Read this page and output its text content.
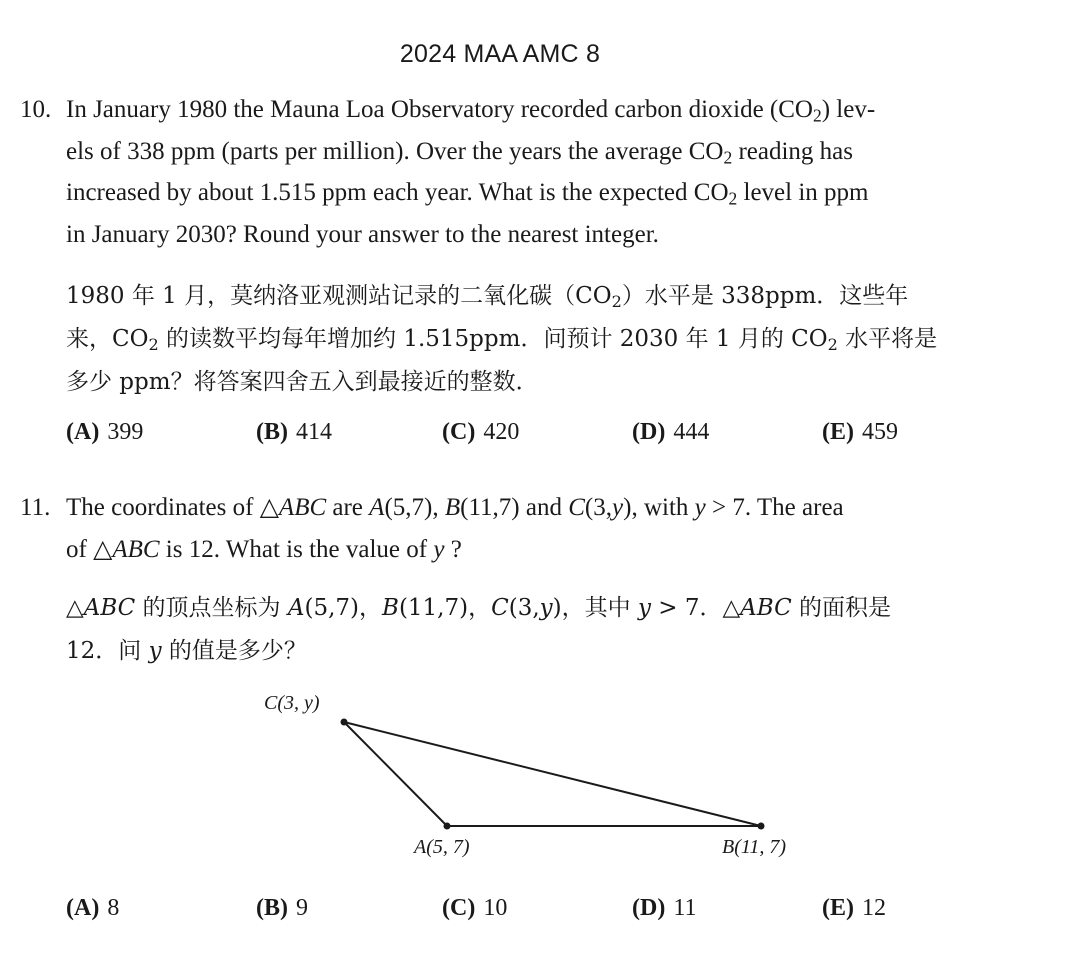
2024 MAA AMC 8
10. In January 1980 the Mauna Loa Observatory recorded carbon dioxide $(CO_2)$ lev-
els of 338 ppm (parts per million). Over the years the average $CO_2$ reading has
increased by about 1.515 ppm each year. What is the expected $CO_2$ level in ppm
in January 2030? Round your answer to the nearest integer.
1980 年 1 月，莫纳洛亚观测站记录的二氧化碳$(CO_2)$水平是 338ppm．这些年
来，$CO_2$ 的读数平均每年增加约 1.515ppm．问预计 2030 年 1 月的 $CO_2$ 水平将是
多少 ppm？将答案四舍五入到最接近的整数．
(A) 399	(B) 414	(C) 420	(D) 444	(E) 459
11. The coordinates of △ABC are A(5,7), B(11,7) and C(3,y), with y > 7. The area
of △ABC is 12. What is the value of y ?
△ABC 的顶点坐标为 A(5,7)，B(11,7)，C(3,y)，其中 y > 7．△ABC 的面积是
12．问 y 的值是多少？
(A) 8	(B) 9	(C) 10	(D) 11	(E) 12
C(3, y)
A(5, 7)	B(11, 7)
